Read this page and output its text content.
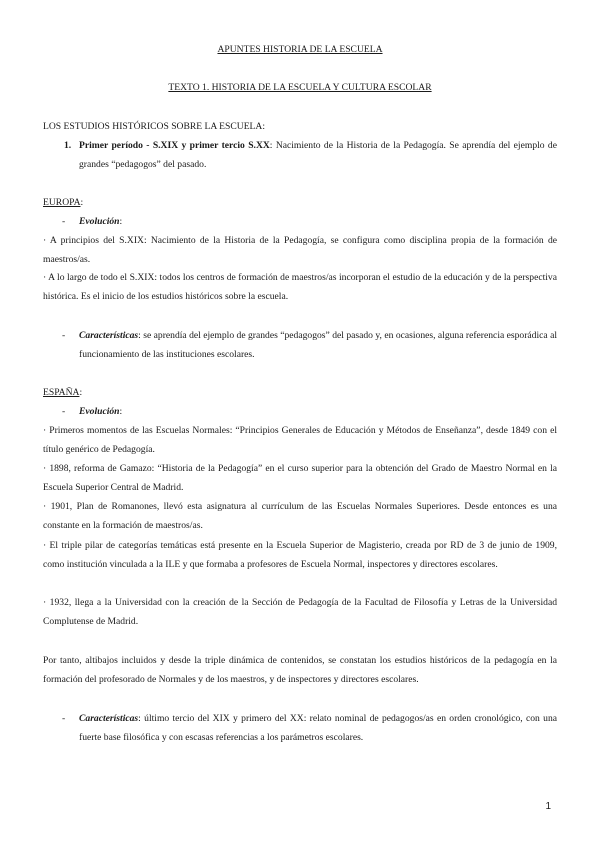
APUNTES HISTORIA DE LA ESCUELA
TEXTO 1. HISTORIA DE LA ESCUELA Y CULTURA ESCOLAR
LOS ESTUDIOS HISTÓRICOS SOBRE LA ESCUELA:
1. Primer período - S.XIX y primer tercio S.XX: Nacimiento de la Historia de la Pedagogía. Se aprendía del ejemplo de grandes “pedagogos” del pasado.
EUROPA:
- Evolución:
· A principios del S.XIX: Nacimiento de la Historia de la Pedagogía, se configura como disciplina propia de la formación de maestros/as.
· A lo largo de todo el S.XIX: todos los centros de formación de maestros/as incorporan el estudio de la educación y de la perspectiva histórica. Es el inicio de los estudios históricos sobre la escuela.
- Características: se aprendía del ejemplo de grandes “pedagogos” del pasado y, en ocasiones, alguna referencia esporádica al funcionamiento de las instituciones escolares.
ESPAÑA:
- Evolución:
· Primeros momentos de las Escuelas Normales: “Principios Generales de Educación y Métodos de Enseñanza”, desde 1849 con el título genérico de Pedagogía.
· 1898, reforma de Gamazo: “Historia de la Pedagogía” en el curso superior para la obtención del Grado de Maestro Normal en la Escuela Superior Central de Madrid.
· 1901, Plan de Romanones, llevó esta asignatura al currículum de las Escuelas Normales Superiores. Desde entonces es una constante en la formación de maestros/as.
· El triple pilar de categorías temáticas está presente en la Escuela Superior de Magisterio, creada por RD de 3 de junio de 1909, como institución vinculada a la ILE y que formaba a profesores de Escuela Normal, inspectores y directores escolares.
· 1932, llega a la Universidad con la creación de la Sección de Pedagogía de la Facultad de Filosofía y Letras de la Universidad Complutense de Madrid.
Por tanto, altibajos incluidos y desde la triple dinámica de contenidos, se constatan los estudios históricos de la pedagogía en la formación del profesorado de Normales y de los maestros, y de inspectores y directores escolares.
- Características: último tercio del XIX y primero del XX: relato nominal de pedagogos/as en orden cronológico, con una fuerte base filosófica y con escasas referencias a los parámetros escolares.
1
